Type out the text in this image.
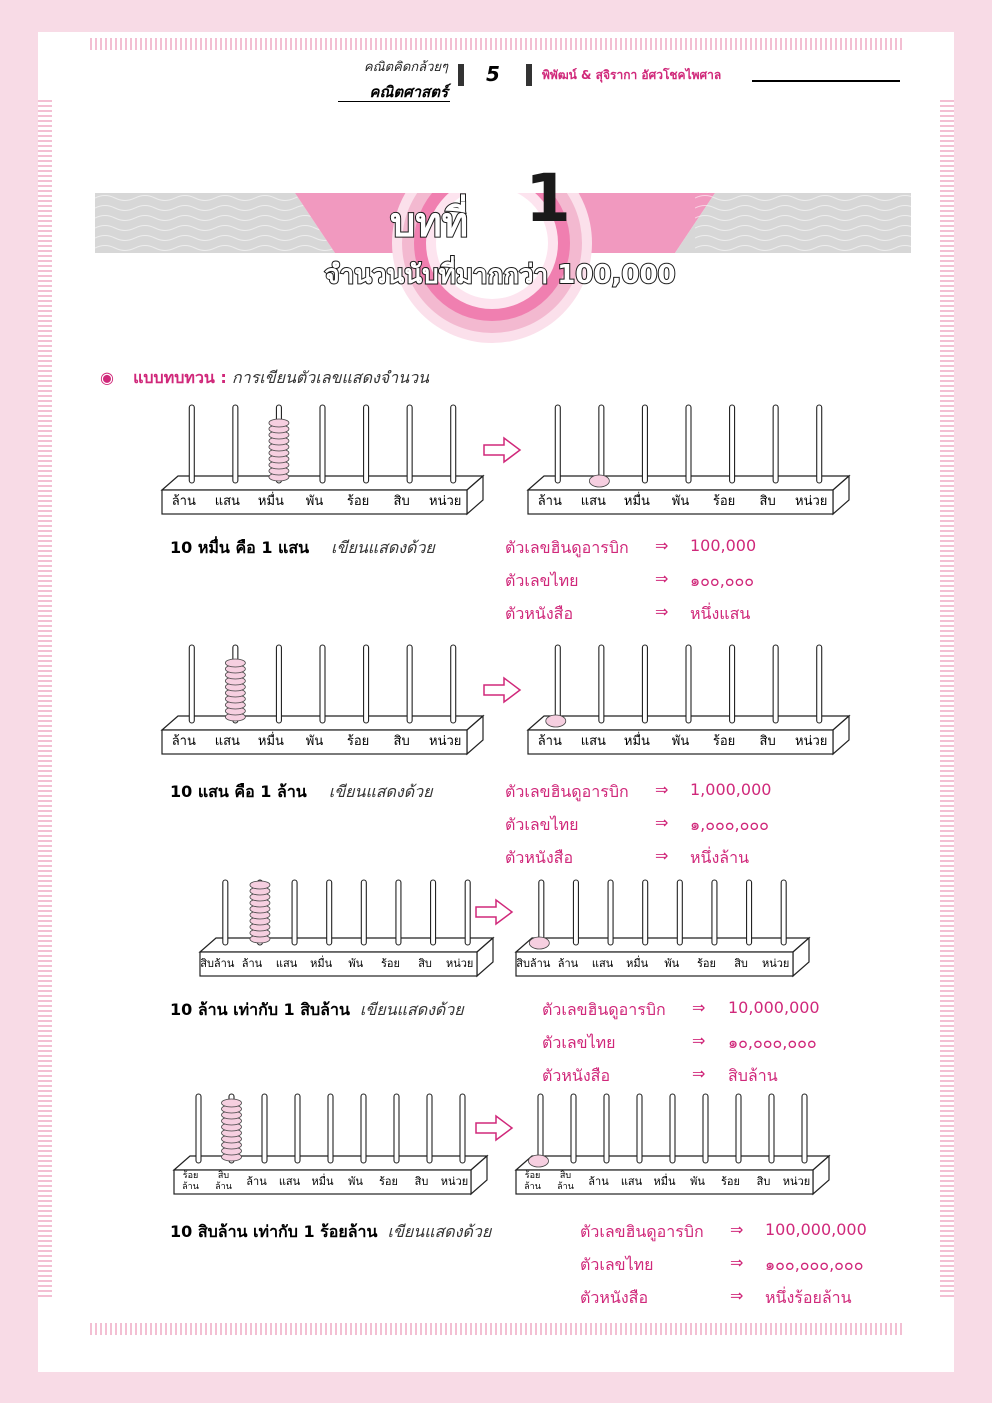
คณิตคิดกล้วยๆ
คณิตศาสตร์
5	พิพัฒน์ & สุจิรากา อัศวโชคไพศาล
บทที่ 1
จำนวนนับที่มากกว่า 100,000
◉ แบบทบทวน : การเขียนตัวเลขแสดงจำนวน
ล้าน	แสน	หมื่น	พัน	ร้อย	สิบ	หน่วย	ล้าน	แสน	หมื่น	พัน	ร้อย	สิบ	หน่วย
ล้าน	แสน	หมื่น	พัน	ร้อย	สิบ	หน่วย	ล้าน	แสน	หมื่น	พัน	ร้อย	สิบ	หน่วย
สิบล้าน ล้าน	แสน	หมื่น	พัน	ร้อย	สิบ	หน่วย	สิบล้าน ล้าน	แสน	หมื่น	พัน	ร้อย	สิบ	หน่วย
ร้อย
ล้าน
สิบ
ล้าน	ล้าน	แสน	หมื่น	พัน	ร้อย	สิบ	หน่วย	ร้อย
ล้าน
สิบ
ล้าน	ล้าน	แสน	หมื่น	พัน	ร้อย	สิบ	หน่วย
10 หมื่น คือ 1 แสน เขียนแสดงด้วย	ตัวเลขฮินดูอารบิก ⇒ 100,000
ตัวเลขไทย	⇒ ๑๐๐,๐๐๐
ตัวหนังสือ	⇒ หนึ่งแสน
10 แสน คือ 1 ล้าน เขียนแสดงด้วย	ตัวเลขฮินดูอารบิก ⇒ 1,000,000
ตัวเลขไทย	⇒ ๑,๐๐๐,๐๐๐
ตัวหนังสือ	⇒ หนึ่งล้าน
10 ล้าน เท่ากับ 1 สิบล้าน เขียนแสดงด้วย	ตัวเลขฮินดูอารบิก ⇒ 10,000,000
ตัวเลขไทย	⇒ ๑๐,๐๐๐,๐๐๐
ตัวหนังสือ	⇒ สิบล้าน
10 สิบล้าน เท่ากับ 1 ร้อยล้าน เขียนแสดงด้วย	ตัวเลขฮินดูอารบิก ⇒ 100,000,000
ตัวเลขไทย	⇒ ๑๐๐,๐๐๐,๐๐๐
ตัวหนังสือ	⇒ หนึ่งร้อยล้าน
